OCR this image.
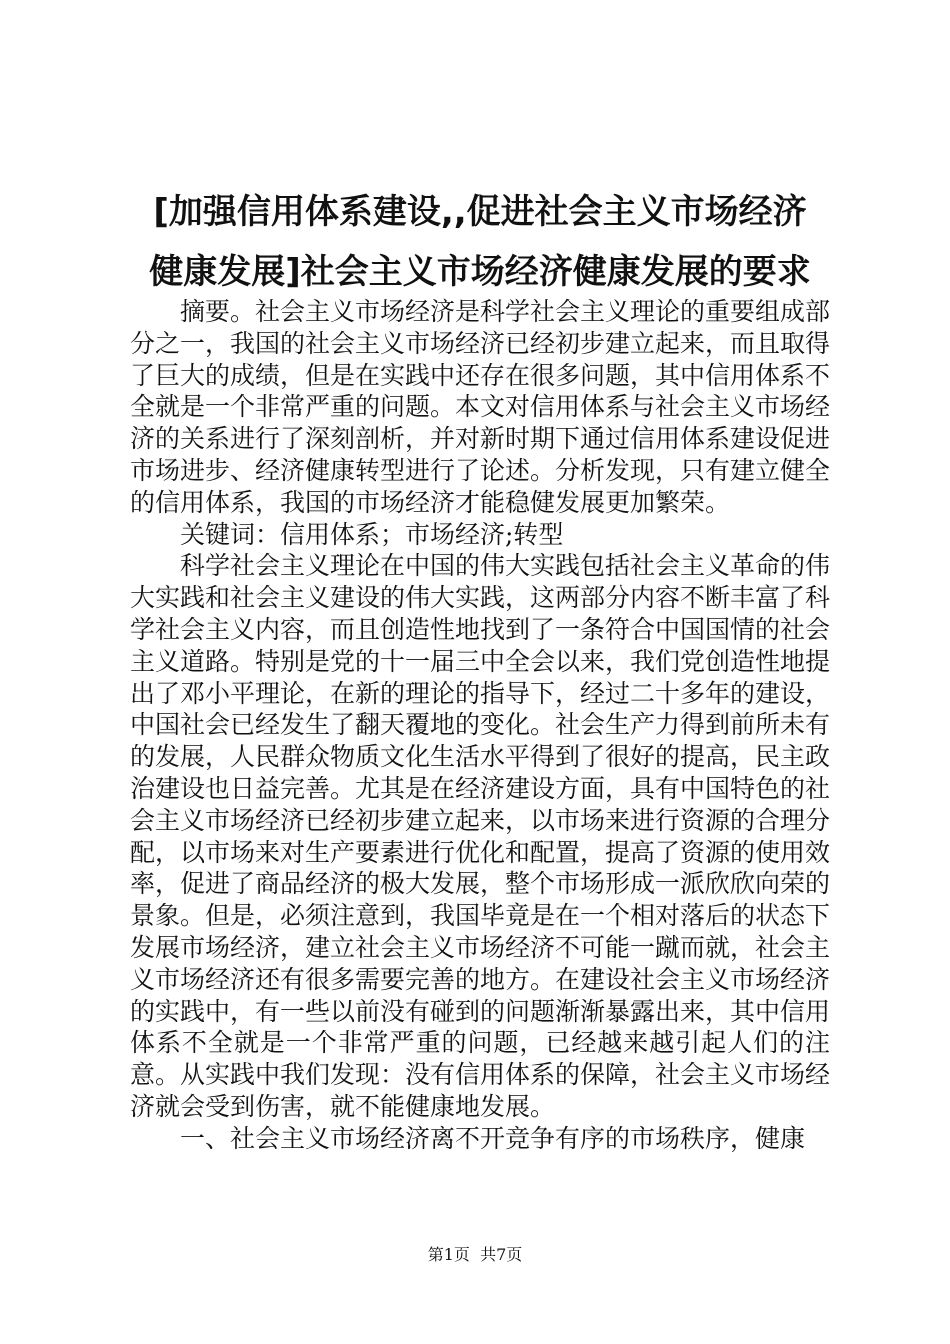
[加强信用体系建设,,促进社会主义市场经济
健康发展]社会主义市场经济健康发展的要求

摘要。社会主义市场经济是科学社会主义理论的重要组成部分之一，我国的社会主义市场经济已经初步建立起来，而且取得了巨大的成绩，但是在实践中还存在很多问题，其中信用体系不全就是一个非常严重的问题。本文对信用体系与社会主义市场经济的关系进行了深刻剖析，并对新时期下通过信用体系建设促进市场进步、经济健康转型进行了论述。分析发现，只有建立健全的信用体系，我国的市场经济才能稳健发展更加繁荣。

关键词：信用体系；市场经济;转型

科学社会主义理论在中国的伟大实践包括社会主义革命的伟大实践和社会主义建设的伟大实践，这两部分内容不断丰富了科学社会主义内容，而且创造性地找到了一条符合中国国情的社会主义道路。特别是党的十一届三中全会以来，我们党创造性地提出了邓小平理论，在新的理论的指导下，经过二十多年的建设，中国社会已经发生了翻天覆地的变化。社会生产力得到前所未有的发展，人民群众物质文化生活水平得到了很好的提高，民主政治建设也日益完善。尤其是在经济建设方面，具有中国特色的社会主义市场经济已经初步建立起来，以市场来进行资源的合理分配，以市场来对生产要素进行优化和配置，提高了资源的使用效率，促进了商品经济的极大发展，整个市场形成一派欣欣向荣的景象。但是，必须注意到，我国毕竟是在一个相对落后的状态下发展市场经济，建立社会主义市场经济不可能一蹴而就，社会主义市场经济还有很多需要完善的地方。在建设社会主义市场经济的实践中，有一些以前没有碰到的问题渐渐暴露出来，其中信用体系不全就是一个非常严重的问题，已经越来越引起人们的注意。从实践中我们发现：没有信用体系的保障，社会主义市场经济就会受到伤害，就不能健康地发展。

一、社会主义市场经济离不开竞争有序的市场秩序，健康

第1页  共7页
